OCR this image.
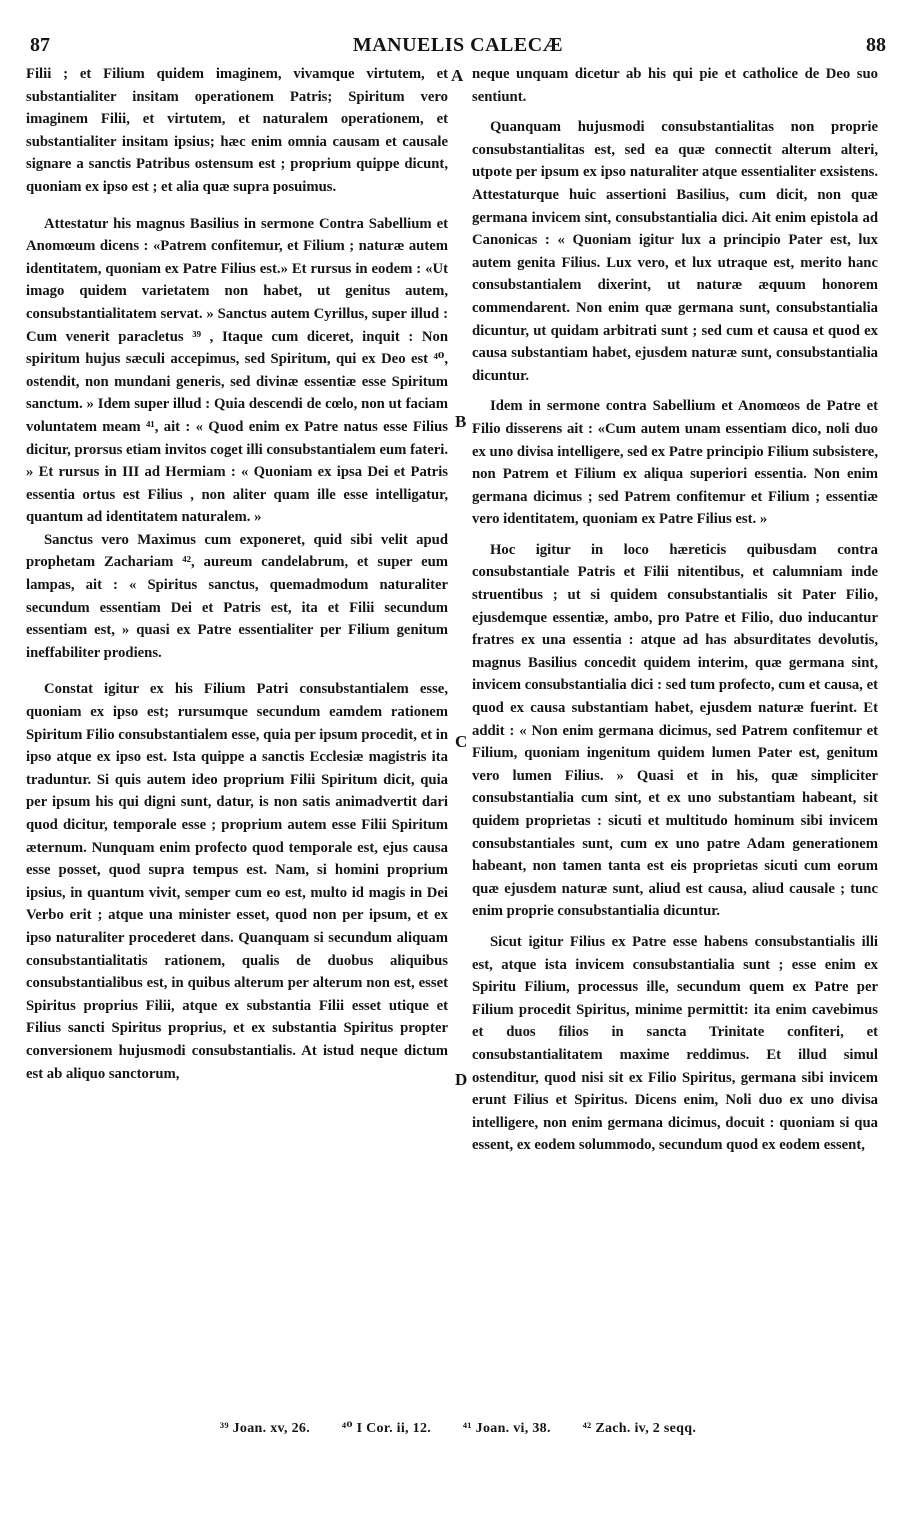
87	MANUELIS CALECÆ	88

Filii ; et Filium quidem imaginem, vivamque virtutem, et substantialiter insitam operationem Patris; Spiritum vero imaginem Filii, et virtutem, et naturalem operationem, et substantialiter insitam ipsius; hæc enim omnia causam et causale signare a sanctis Patribus ostensum est ; proprium quippe dicunt, quoniam ex ipso est ; et alia quæ supra posuimus.

Attestatur his magnus Basilius in sermone Contra Sabellium et Anomœum dicens : «Patrem confitemur, et Filium ; naturæ autem identitatem, quoniam ex Patre Filius est.» Et rursus in eodem : «Ut imago quidem varietatem non habet, ut genitus autem, consubstantialitatem servat. » Sanctus autem Cyrillus, super illud : Cum venerit paracletus ³⁹ , Itaque cum diceret, inquit : Non spiritum hujus sæculi accepimus, sed Spiritum, qui ex Deo est ⁴⁰, ostendit, non mundani generis, sed divinæ essentiæ esse Spiritum sanctum. » Idem super illud : Quia descendi de cœlo, non ut faciam voluntatem meam ⁴¹, ait : « Quod enim ex Patre natus esse Filius dicitur, prorsus etiam invitos coget illi consubstantialem eum fateri. » Et rursus in III ad Hermiam : « Quoniam ex ipsa Dei et Patris essentia ortus est Filius , non aliter quam ille esse intelligatur, quantum ad identitatem naturalem. »

Sanctus vero Maximus cum exponeret, quid sibi velit apud prophetam Zachariam ⁴², aureum candelabrum, et super eum lampas, ait : « Spiritus sanctus, quemadmodum naturaliter secundum essentiam Dei et Patris est, ita et Filii secundum essentiam est, » quasi ex Patre essentialiter per Filium genitum ineffabiliter prodiens.

Constat igitur ex his Filium Patri consubstantialem esse, quoniam ex ipso est; rursumque secundum eamdem rationem Spiritum Filio consubstantialem esse, quia per ipsum procedit, et in ipso atque ex ipso est. Ista quippe a sanctis Ecclesiæ magistris ita traduntur. Si quis autem ideo proprium Filii Spiritum dicit, quia per ipsum his qui digni sunt, datur, is non satis animadvertit dari quod dicitur, temporale esse ; proprium autem esse Filii Spiritum æternum. Nunquam enim profecto quod temporale est, ejus causa esse posset, quod supra tempus est. Nam, si homini proprium ipsius, in quantum vivit, semper cum eo est, multo id magis in Dei Verbo erit ; atque una minister esset, quod non per ipsum, et ex ipso naturaliter procederet dans. Quanquam si secundum aliquam consubstantialitatis rationem, qualis de duobus aliquibus consubstantialibus est, in quibus alterum per alterum non est, esset Spiritus proprius Filii, atque ex substantia Filii esset utique et Filius sancti Spiritus proprius, et ex substantia Spiritus propter conversionem hujusmodi consubstantialis. At istud neque dictum est ab aliquo sanctorum,

neque unquam dicetur ab his qui pie et catholice de Deo suo sentiunt.

Quanquam hujusmodi consubstantialitas non proprie consubstantialitas est, sed ea quæ connectit alterum alteri, utpote per ipsum ex ipso naturaliter atque essentialiter exsistens. Attestaturque huic assertioni Basilius, cum dicit, non quæ germana invicem sint, consubstantialia dici. Ait enim epistola ad Canonicas : « Quoniam igitur lux a principio Pater est, lux autem genita Filius. Lux vero, et lux utraque est, merito hanc consubstantialem dixerint, ut naturæ æquum honorem commendarent. Non enim quæ germana sunt, consubstantialia dicuntur, ut quidam arbitrati sunt ; sed cum et causa et quod ex causa substantiam habet, ejusdem naturæ sunt, consubstantialia dicuntur.

Idem in sermone contra Sabellium et Anomœos de Patre et Filio disserens ait : «Cum autem unam essentiam dico, noli duo ex uno divisa intelligere, sed ex Patre principio Filium subsistere, non Patrem et Filium ex aliqua superiori essentia. Non enim germana dicimus ; sed Patrem confitemur et Filium ; essentiæ vero identitatem, quoniam ex Patre Filius est. »

Hoc igitur in loco hæreticis quibusdam contra consubstantiale Patris et Filii nitentibus, et calumniam inde struentibus ; ut si quidem consubstantialis sit Pater Filio, ejusdemque essentiæ, ambo, pro Patre et Filio, duo inducantur fratres ex una essentia : atque ad has absurditates devolutis, magnus Basilius concedit quidem interim, quæ germana sint, invicem consubstantialia dici : sed tum profecto, cum et causa, et quod ex causa substantiam habet, ejusdem naturæ fuerint. Et addit : « Non enim germana dicimus, sed Patrem confitemur et Filium, quoniam ingenitum quidem lumen Pater est, genitum vero lumen Filius. » Quasi et in his, quæ simpliciter consubstantialia cum sint, et ex uno substantiam habeant, sit quidem proprietas : sicuti et multitudo hominum sibi invicem consubstantiales sunt, cum ex uno patre Adam generationem habeant, non tamen tanta est eis proprietas sicuti cum eorum quæ ejusdem naturæ sunt, aliud est causa, aliud causale ; tunc enim proprie consubstantialia dicuntur.

Sicut igitur Filius ex Patre esse habens consubstantialis illi est, atque ista invicem consubstantialia sunt ; esse enim ex Spiritu Filium, processus ille, secundum quem ex Patre per Filium procedit Spiritus, minime permittit: ita enim cavebimus et duos filios in sancta Trinitate confiteri, et consubstantialitatem maxime reddimus. Et illud simul ostenditur, quod nisi sit ex Filio Spiritus, germana sibi invicem erunt Filius et Spiritus. Dicens enim, Noli duo ex uno divisa intelligere, non enim germana dicimus, docuit : quoniam si qua essent, ex eodem solummodo, secundum quod ex eodem essent,

A
B
C
D
³⁹ Joan. xv, 26. ⁴⁰ I Cor. ii, 12. ⁴¹ Joan. vi, 38. ⁴² Zach. iv, 2 seqq.
